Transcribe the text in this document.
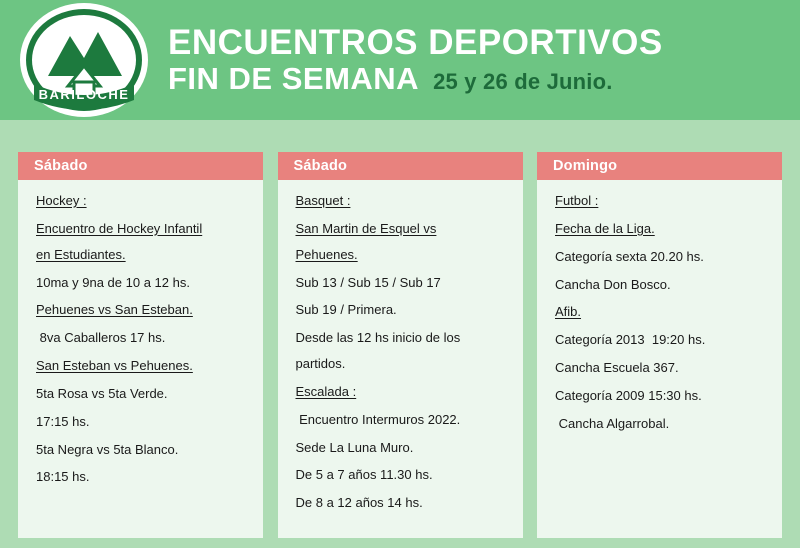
BARILOCHE
ENCUENTROS DEPORTIVOS
FIN DE SEMANA 25 y 26 de Junio.
Sábado

Hockey :

Encuentro de Hockey Infantil

en Estudiantes.

10ma y 9na de 10 a 12 hs.

Pehuenes vs San Esteban.

8va Caballeros 17 hs.

San Esteban vs Pehuenes.

5ta Rosa vs 5ta Verde.

17:15 hs.

5ta Negra vs 5ta Blanco.

18:15 hs.

Sábado

Basquet :

San Martin de Esquel vs

Pehuenes.

Sub 13 / Sub 15 / Sub 17

Sub 19 / Primera.

Desde las 12 hs inicio de los

partidos.

Escalada :

Encuentro Intermuros 2022.

Sede La Luna Muro.

De 5 a 7 años 11.30 hs.

De 8 a 12 años 14 hs.

Domingo

Futbol :

Fecha de la Liga.

Categoría sexta 20.20 hs.

Cancha Don Bosco.

Afib.

Categoría 2013  19:20 hs.

Cancha Escuela 367.

Categoría 2009 15:30 hs.

Cancha Algarrobal.
